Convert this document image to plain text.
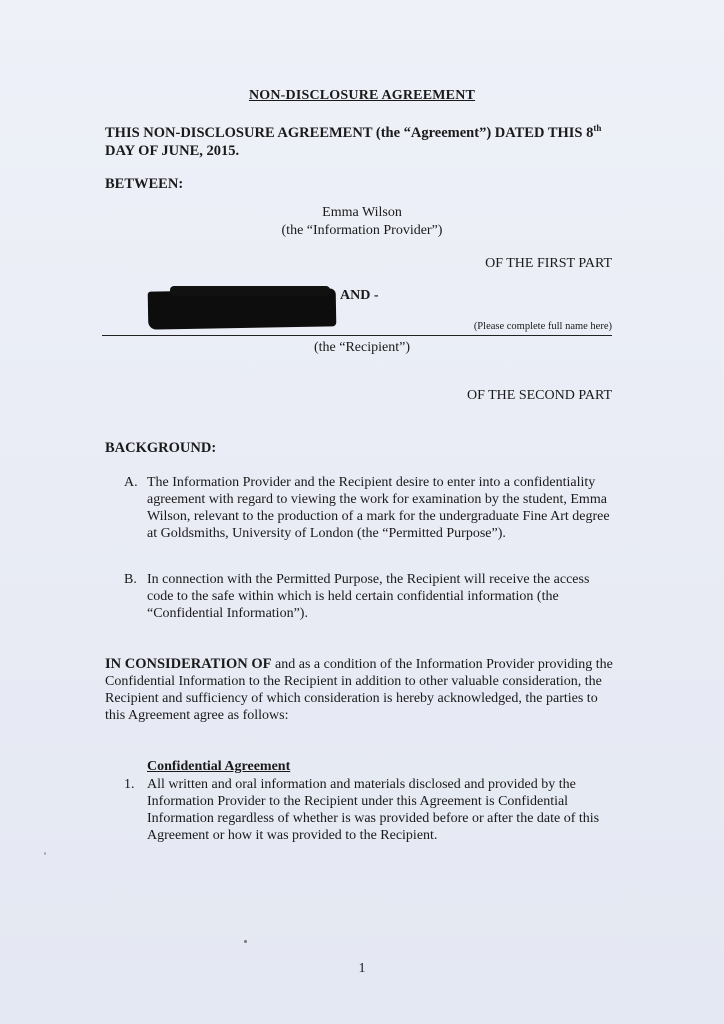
NON-DISCLOSURE AGREEMENT
THIS NON-DISCLOSURE AGREEMENT (the “Agreement”) DATED THIS 8th
DAY OF JUNE, 2015.
BETWEEN:
Emma Wilson
(the “Information Provider”)
OF THE FIRST PART
AND -
(Please complete full name here)
(the “Recipient”)
OF THE SECOND PART
BACKGROUND:
A. The Information Provider and the Recipient desire to enter into a confidentiality agreement with regard to viewing the work for examination by the student, Emma Wilson, relevant to the production of a mark for the undergraduate Fine Art degree at Goldsmiths, University of London (the “Permitted Purpose”).
B. In connection with the Permitted Purpose, the Recipient will receive the access code to the safe within which is held certain confidential information (the “Confidential Information”).
IN CONSIDERATION OF and as a condition of the Information Provider providing the Confidential Information to the Recipient in addition to other valuable consideration, the Recipient and sufficiency of which consideration is hereby acknowledged, the parties to this Agreement agree as follows:
Confidential Agreement
1. All written and oral information and materials disclosed and provided by the Information Provider to the Recipient under this Agreement is Confidential Information regardless of whether is was provided before or after the date of this Agreement or how it was provided to the Recipient.
1
